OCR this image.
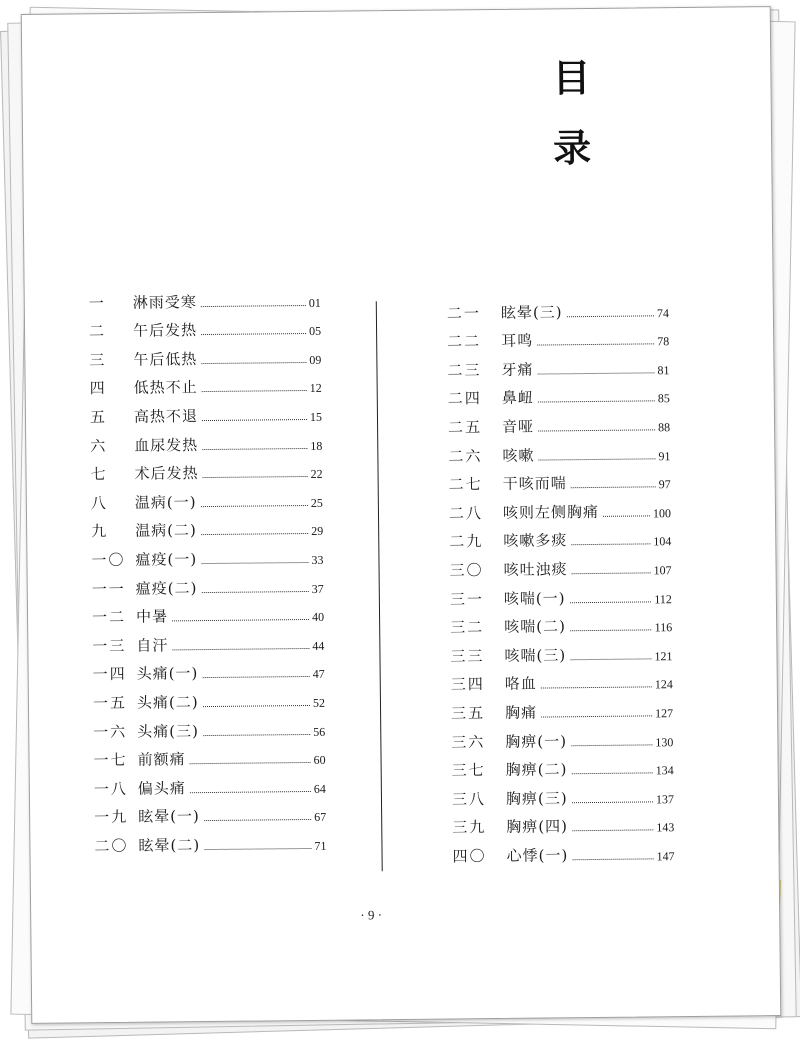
目 录
一	淋雨受寒	01
二	午后发热	05
三	午后低热	09
四	低热不止	12
五	高热不退	15
六	血尿发热	18
七	术后发热	22
八	温病(一)	25
九	温病(二)	29
一〇 瘟疫(一)	33
一一 瘟疫(二)	37
一二 中暑	40
一三 自汗	44
一四 头痛(一)	47
一五 头痛(二)	52
一六 头痛(三)	56
一七 前额痛	60
一八 偏头痛	64
一九 眩晕(一)	67
二〇 眩晕(二)	71
二一	眩晕(三)	74
二二	耳鸣	78
二三	牙痛	81
二四	鼻衄	85
二五	音哑	88
二六	咳嗽	91
二七	干咳而喘	97
二八	咳则左侧胸痛	100
二九	咳嗽多痰	104
三〇	咳吐浊痰	107
三一	咳喘(一)	112
三二	咳喘(二)	116
三三	咳喘(三)	121
三四	咯血	124
三五	胸痛	127
三六	胸痹(一)	130
三七	胸痹(二)	134
三八	胸痹(三)	137
三九	胸痹(四)	143
四〇	心悸(一)	147
· 9 ·
